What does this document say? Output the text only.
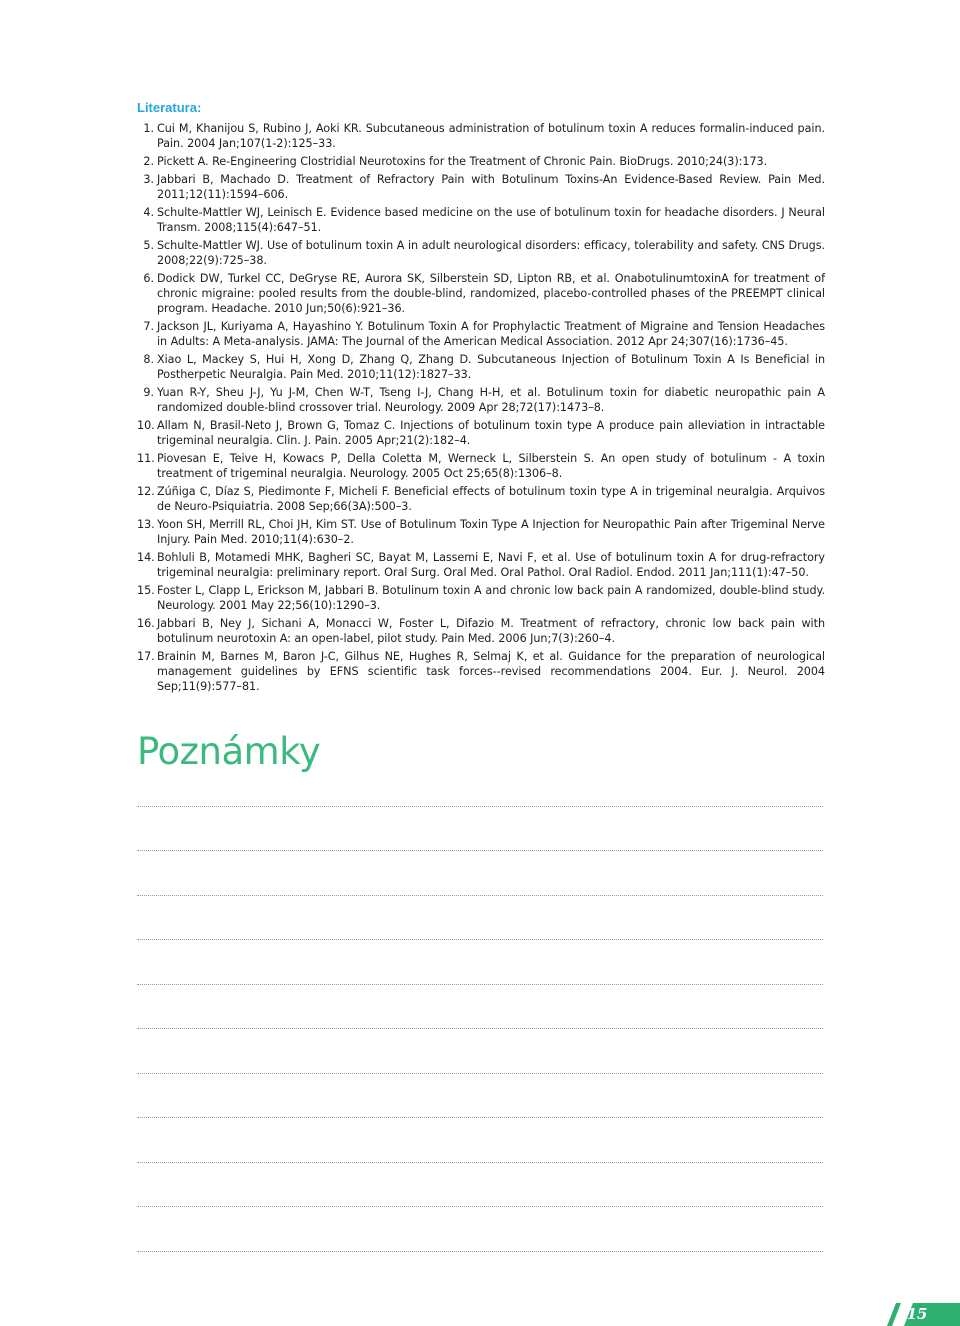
Literatura:
1. Cui M, Khanijou S, Rubino J, Aoki KR. Subcutaneous administration of botulinum toxin A reduces formalin-induced pain. Pain. 2004 Jan;107(1-2):125–33.
2. Pickett A. Re-Engineering Clostridial Neurotoxins for the Treatment of Chronic Pain. BioDrugs. 2010;24(3):173.
3. Jabbari B, Machado D. Treatment of Refractory Pain with Botulinum Toxins-An Evidence-Based Review. Pain Med. 2011;12(11):1594–606.
4. Schulte-Mattler WJ, Leinisch E. Evidence based medicine on the use of botulinum toxin for headache disorders. J Neural Transm. 2008;115(4):647–51.
5. Schulte-Mattler WJ. Use of botulinum toxin A in adult neurological disorders: efficacy, tolerability and safety. CNS Drugs. 2008;22(9):725–38.
6. Dodick DW, Turkel CC, DeGryse RE, Aurora SK, Silberstein SD, Lipton RB, et al. OnabotulinumtoxinA for treatment of chronic migraine: pooled results from the double-blind, randomized, placebo-controlled phases of the PREEMPT clinical program. Headache. 2010 Jun;50(6):921–36.
7. Jackson JL, Kuriyama A, Hayashino Y. Botulinum Toxin A for Prophylactic Treatment of Migraine and Tension Headaches in Adults: A Meta-analysis. JAMA: The Journal of the American Medical Association. 2012 Apr 24;307(16):1736–45.
8. Xiao L, Mackey S, Hui H, Xong D, Zhang Q, Zhang D. Subcutaneous Injection of Botulinum Toxin A Is Beneficial in Postherpetic Neuralgia. Pain Med. 2010;11(12):1827–33.
9. Yuan R-Y, Sheu J-J, Yu J-M, Chen W-T, Tseng I-J, Chang H-H, et al. Botulinum toxin for diabetic neuropathic pain A randomized double-blind crossover trial. Neurology. 2009 Apr 28;72(17):1473–8.
10. Allam N, Brasil-Neto J, Brown G, Tomaz C. Injections of botulinum toxin type A produce pain alleviation in intractable trigeminal neuralgia. Clin. J. Pain. 2005 Apr;21(2):182–4.
11. Piovesan E, Teive H, Kowacs P, Della Coletta M, Werneck L, Silberstein S. An open study of botulinum - A toxin treatment of trigeminal neuralgia. Neurology. 2005 Oct 25;65(8):1306–8.
12. Zúñiga C, Díaz S, Piedimonte F, Micheli F. Beneficial effects of botulinum toxin type A in trigeminal neuralgia. Arquivos de Neuro-Psiquiatria. 2008 Sep;66(3A):500–3.
13. Yoon SH, Merrill RL, Choi JH, Kim ST. Use of Botulinum Toxin Type A Injection for Neuropathic Pain after Trigeminal Nerve Injury. Pain Med. 2010;11(4):630–2.
14. Bohluli B, Motamedi MHK, Bagheri SC, Bayat M, Lassemi E, Navi F, et al. Use of botulinum toxin A for drug-refractory trigeminal neuralgia: preliminary report. Oral Surg. Oral Med. Oral Pathol. Oral Radiol. Endod. 2011 Jan;111(1):47–50.
15. Foster L, Clapp L, Erickson M, Jabbari B. Botulinum toxin A and chronic low back pain A randomized, double-blind study. Neurology. 2001 May 22;56(10):1290–3.
16. Jabbari B, Ney J, Sichani A, Monacci W, Foster L, Difazio M. Treatment of refractory, chronic low back pain with botulinum neurotoxin A: an open-label, pilot study. Pain Med. 2006 Jun;7(3):260–4.
17. Brainin M, Barnes M, Baron J-C, Gilhus NE, Hughes R, Selmaj K, et al. Guidance for the preparation of neurological management guidelines by EFNS scientific task forces--revised recommendations 2004. Eur. J. Neurol. 2004 Sep;11(9):577–81.
Poznámky
15
